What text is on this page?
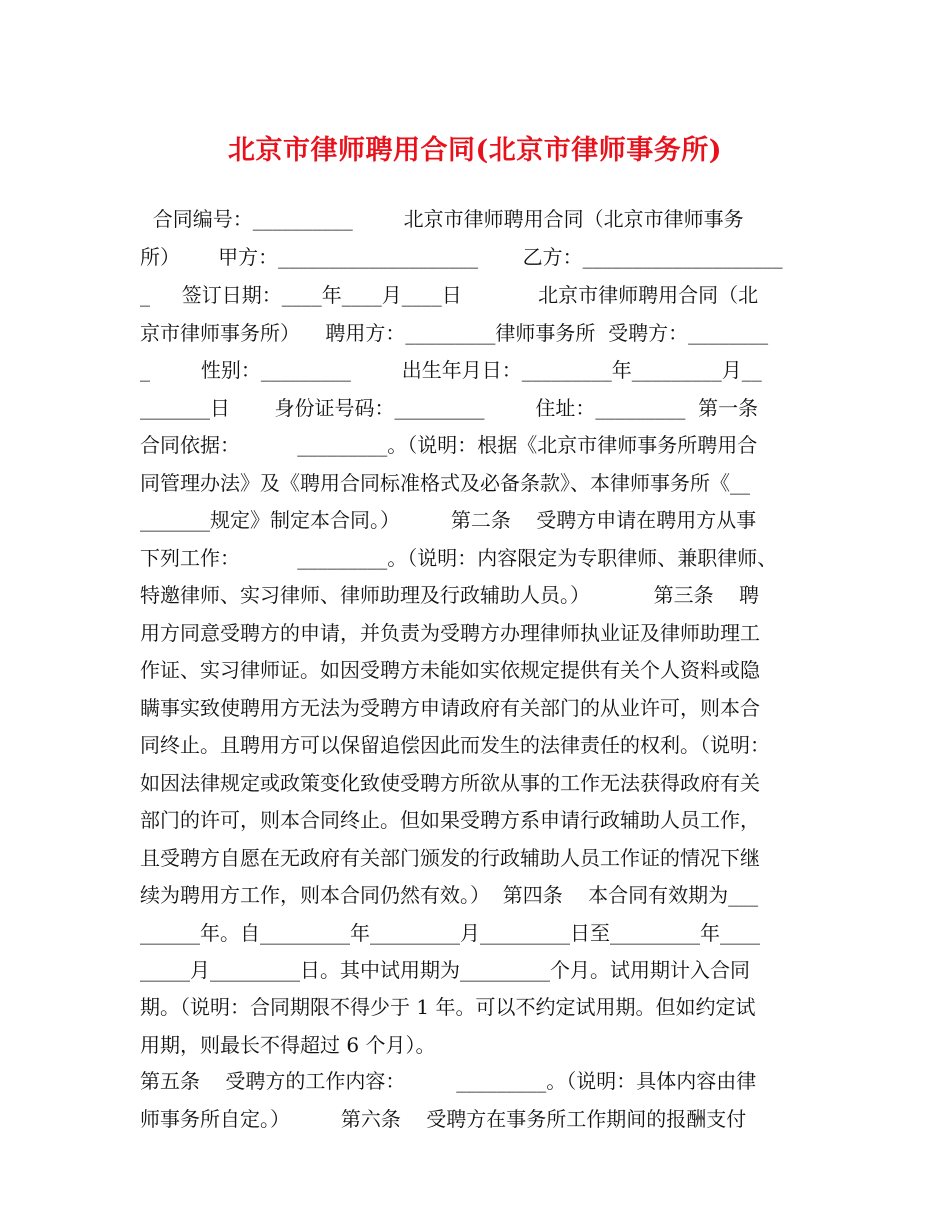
北京市律师聘用合同(北京市律师事务所)
合同编号：__________        北京市律师聘用合同（北京市律师事务
所）      甲方：____________________       乙方：____________________
_     签订日期：____年____月____日            北京市律师聘用合同（北
京市律师事务所）    聘用方：_________律师事务所  受聘方：________
_        性别：_________        出生年月日：_________年_________月__
_______日       身份证号码：_________        住址：_________  第一条
合同依据：         _________。（说明：根据《北京市律师事务所聘用合
同管理办法》及《聘用合同标准格式及必备条款》、本律师事务所《__
_______规定》制定本合同。）        第二条    受聘方申请在聘用方从事
下列工作：         _________。（说明：内容限定为专职律师、兼职律师、
特邀律师、实习律师、律师助理及行政辅助人员。）          第三条    聘
用方同意受聘方的申请，并负责为受聘方办理律师执业证及律师助理工
作证、实习律师证。如因受聘方未能如实依规定提供有关个人资料或隐
瞒事实致使聘用方无法为受聘方申请政府有关部门的从业许可，则本合
同终止。且聘用方可以保留追偿因此而发生的法律责任的权利。（说明：
如因法律规定或政策变化致使受聘方所欲从事的工作无法获得政府有关
部门的许可，则本合同终止。但如果受聘方系申请行政辅助人员工作，
且受聘方自愿在无政府有关部门颁发的行政辅助人员工作证的情况下继
续为聘用方工作，则本合同仍然有效。）  第四条    本合同有效期为___
______年。自_________年_________月_________日至_________年____
_____月_________日。其中试用期为_________个月。试用期计入合同
期。（说明：合同期限不得少于 1 年。可以不约定试用期。但如约定试
用期，则最长不得超过 6 个月）。
第五条    受聘方的工作内容：        _________。（说明：具体内容由律
师事务所自定。）        第六条    受聘方在事务所工作期间的报酬支付
